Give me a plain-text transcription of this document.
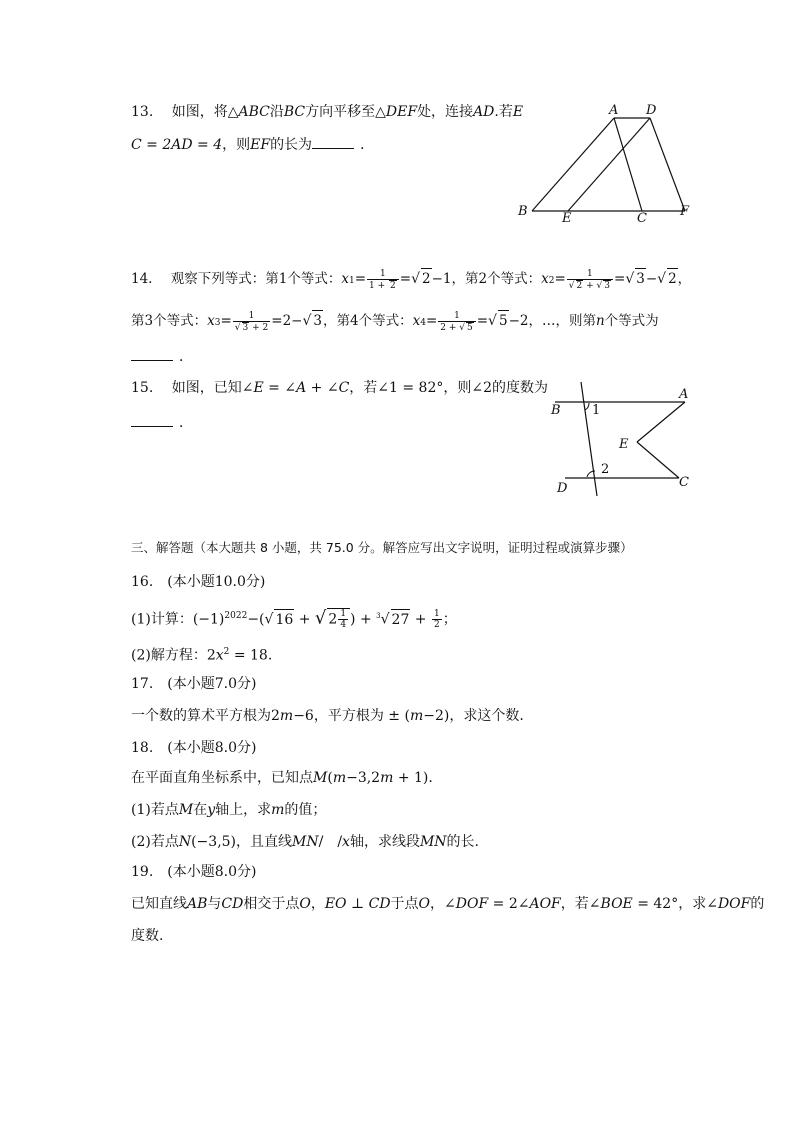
13. 如图，将△ABC沿BC方向平移至△DEF处，连接AD.若E
C = 2AD = 4，则EF的长为	．
A D
B	E	C	F
14. 观察下列等式：第1个等式：$x1= \frac{1}{1 + 2}$ =√ 2−1，第2个等式：$x2= \frac{1}{√ 2 + √ 3}$ =√ 3−√ 2，
第3个等式：$x3= \frac{1}{√ 3 + 2} =2-√$ 3，第4个等式：$x4= \frac{1}{2 + √ 5}$ =√ 5−2，…，则第n个等式为
．
15. 如图，已知∠E = ∠A + ∠C，若∠1 = 82°，则∠2的度数为
．
B
A
E
C
D
1
2
三、解答题（本大题共 8 小题，共 75.0 分。解答应写出文字说明，证明过程或演算步骤）
16.　(本小题10.0分)
(1)计算：$(-1)^{2022}-(√$ 16 + √ $2 \frac{1}{4}$ ) + $^3$√ $27 + \frac{1}{2}$ ；
(2)解方程：$2x^2 = 18$.
17.　(本小题7.0分)
一个数的算术平方根为2m−6，平方根为 ± (m−2)，求这个数.
18.　(本小题8.0分)
在平面直角坐标系中，已知点M(m−3,2m + 1).
(1)若点M在y轴上，求m的值；
(2)若点N(−3,5)，且直线MN/　/x轴，求线段MN的长.
19.　(本小题8.0分)
已知直线AB与CD相交于点O，EO ⊥ CD于点O，∠DOF = 2∠AOF，若∠BOE = 42°，求∠DOF的
度数.
